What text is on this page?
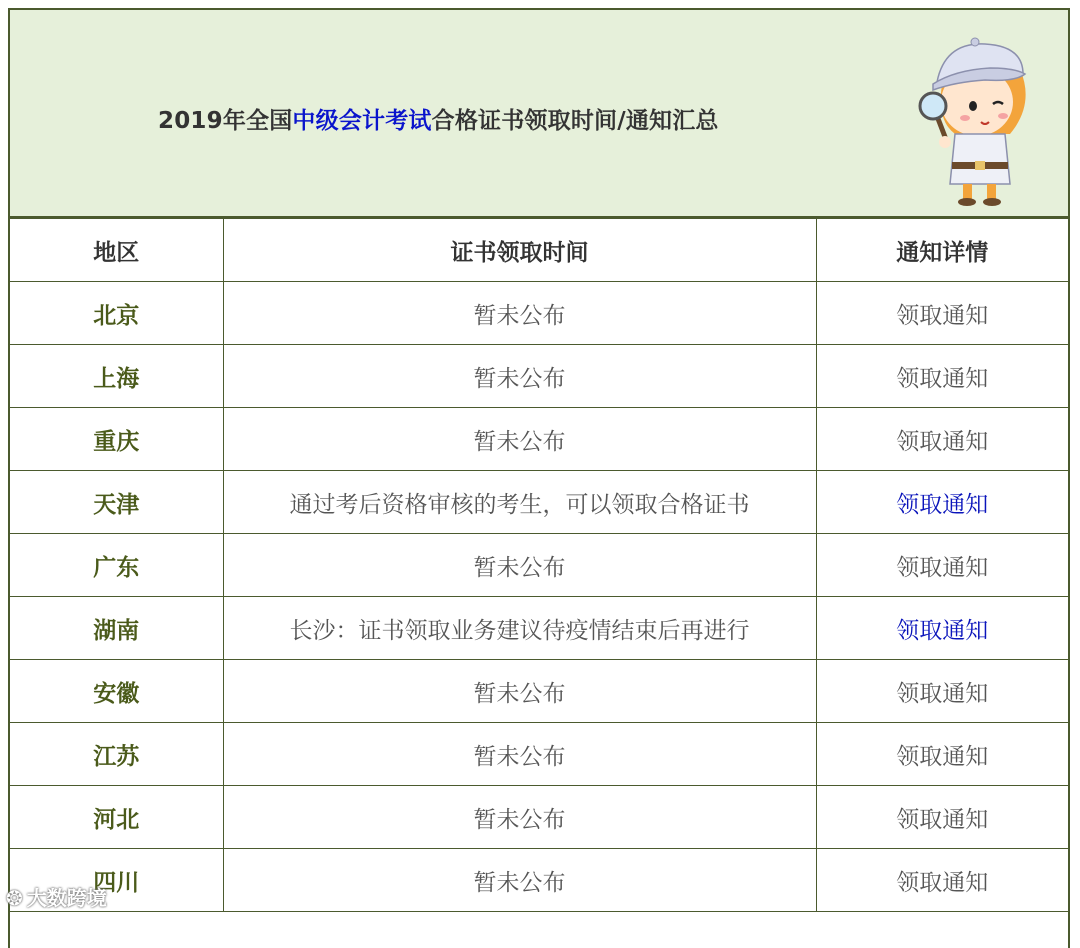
2019年全国中级会计考试合格证书领取时间/通知汇总
地区	证书领取时间	通知详情
北京	暂未公布	领取通知
上海	暂未公布	领取通知
重庆	暂未公布	领取通知
天津	通过考后资格审核的考生，可以领取合格证书	领取通知
广东	暂未公布	领取通知
湖南	长沙：证书领取业务建议待疫情结束后再进行	领取通知
安徽	暂未公布	领取通知
江苏	暂未公布	领取通知
河北	暂未公布	领取通知
四川	暂未公布	领取通知
❂ 大数跨境
